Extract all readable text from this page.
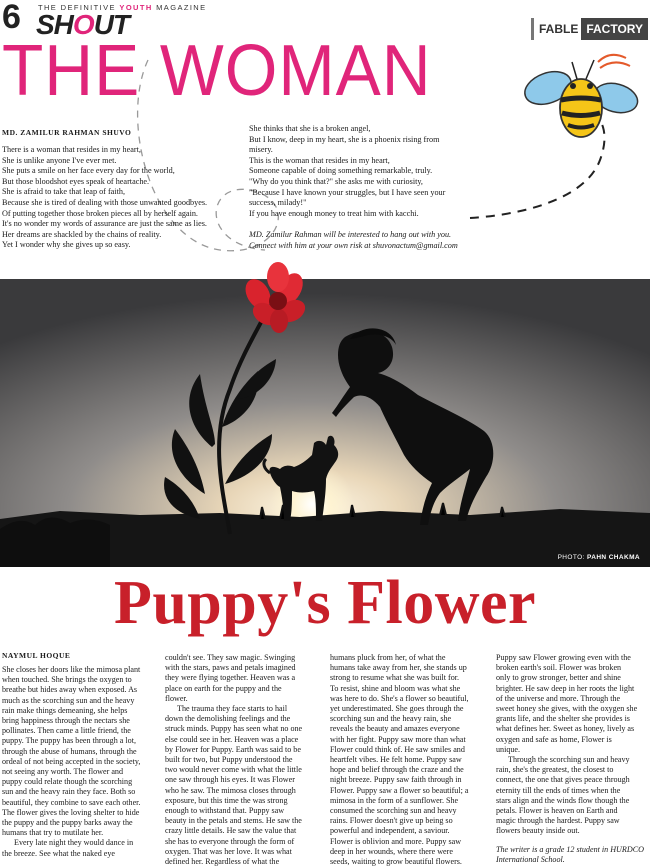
6 THE DEFINITIVE YOUTH MAGAZINE
SHOUT	FABLE FACTORY
THE WOMAN
MD. ZAMILUR RAHMAN SHUVO

There is a woman that resides in my heart,

She is unlike anyone I've ever met.

She puts a smile on her face every day for the world,

But those bloodshot eyes speak of heartache.

She is afraid to take that leap of faith,

Because she is tired of dealing with those unwanted goodbyes.

Of putting together those broken pieces all by herself again.

It's no wonder my words of assurance are just the same as lies.

Her dreams are shackled by the chains of reality.

Yet I wonder why she gives up so easy.

She thinks that she is a broken angel,

But I know, deep in my heart, she is a phoenix rising from

misery.

This is the woman that resides in my heart,

Someone capable of doing something remarkable, truly.

"Why do you think that?" she asks me with curiosity,

"Because I have known your struggles, but I have seen your

success, milady!"

If you have enough money to treat him with kacchi.

MD. Zamilur Rahman will be interested to hang out with you.

Connect with him at your own risk at shuvonactum@gmail.com

PHOTO: PAHN CHAKMA
Puppy's Flower
NAYMUL HOQUE

She closes her doors like the mimosa plant

when touched. She brings the oxygen to

breathe but hides away when exposed. As

much as the scorching sun and the heavy

rain make things demeaning, she helps

bring happiness through the nectars she

pollinates. Then came a little friend, the

puppy. The puppy has been through a lot,

through the abuse of humans, through the

ordeal of not being accepted in the society,

not seeing any worth. The flower and

puppy could relate though the scorching

sun and the heavy rain they face. Both so

beautiful, they combine to save each other.

The flower gives the loving shelter to hide

the puppy and the puppy barks away the

humans that try to mutilate her.

Every late night they would dance in

the breeze. See what the naked eye

couldn't see. They saw magic. Swinging

with the stars, paws and petals imagined

they were flying together. Heaven was a

place on earth for the puppy and the

flower.

The trauma they face starts to hail

down the demolishing feelings and the

struck minds. Puppy has seen what no one

else could see in her. Heaven was a place

by Flower for Puppy. Earth was said to be

built for two, but Puppy understood the

two would never come with what the little

one saw through his eyes. It was Flower

who he saw. The mimosa closes through

exposure, but this time the was strong

enough to withstand that. Puppy saw

beauty in the petals and stems. He saw the

crazy little details. He saw the value that

she has to everyone through the form of

oxygen. That was her love. It was what

defined her. Regardless of what the

humans pluck from her, of what the

humans take away from her, she stands up

strong to resume what she was built for.

To resist, shine and bloom was what she

was here to do. She's a flower so beautiful,

yet underestimated. She goes through the

scorching sun and the heavy rain, she

reveals the beauty and amazes everyone

with her fight. Puppy saw more than what

Flower could think of. He saw smiles and

heartfelt vibes. He felt home. Puppy saw

hope and belief through the craze and the

night breeze. Puppy saw faith through in

Flower. Puppy saw a flower so beautiful; a

mimosa in the form of a sunflower. She

consumed the scorching sun and heavy

rains. Flower doesn't give up being so

powerful and independent, a saviour.

Flower is oblivion and more. Puppy saw

deep in her wounds, where there were

seeds, waiting to grow beautiful flowers.

Puppy saw Flower growing even with the

broken earth's soil. Flower was broken

only to grow stronger, better and shine

brighter. He saw deep in her roots the light

of the universe and more. Through the

sweet honey she gives, with the oxygen she

grants life, and the shelter she provides is

what defines her. Sweet as honey, lively as

oxygen and safe as home, Flower is

unique.

Through the scorching sun and heavy

rain, she's the greatest, the closest to

connect, the one that gives peace through

eternity till the ends of times when the

stars align and the winds flow though the

petals. Flower is heaven on Earth and

magic through the hardest. Puppy saw

flowers beauty inside out.

The writer is a grade 12 student in HURDCO

International School.
